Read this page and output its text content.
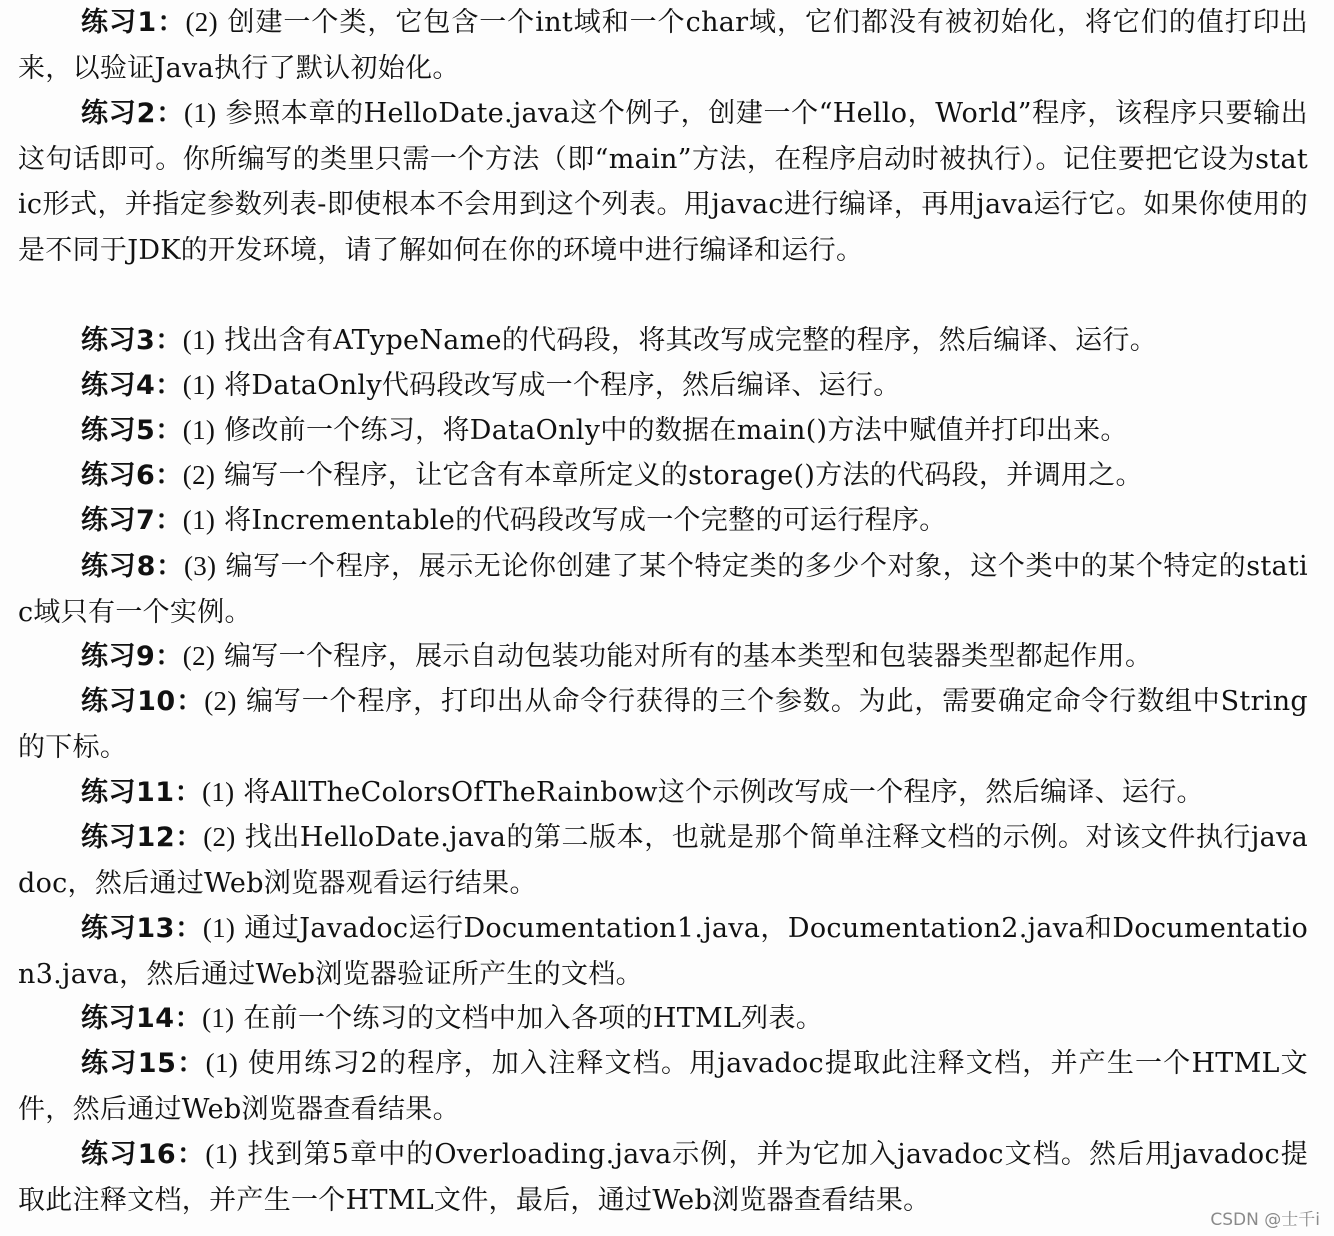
练习1：(2) 创建一个类，它包含一个int域和一个char域，它们都没有被初始化，将它们的值打印出来，以验证Java执行了默认初始化。
练习2：(1) 参照本章的HelloDate.java这个例子，创建一个“Hello，World”程序，该程序只要输出这句话即可。你所编写的类里只需一个方法（即“main”方法，在程序启动时被执行）。记住要把它设为static形式，并指定参数列表-即使根本不会用到这个列表。用javac进行编译，再用java运行它。如果你使用的是不同于JDK的开发环境，请了解如何在你的环境中进行编译和运行。
练习3：(1) 找出含有ATypeName的代码段，将其改写成完整的程序，然后编译、运行。
练习4：(1) 将DataOnly代码段改写成一个程序，然后编译、运行。
练习5：(1) 修改前一个练习，将DataOnly中的数据在main()方法中赋值并打印出来。
练习6：(2) 编写一个程序，让它含有本章所定义的storage()方法的代码段，并调用之。
练习7：(1) 将Incrementable的代码段改写成一个完整的可运行程序。
练习8：(3) 编写一个程序，展示无论你创建了某个特定类的多少个对象，这个类中的某个特定的static域只有一个实例。
练习9：(2) 编写一个程序，展示自动包装功能对所有的基本类型和包装器类型都起作用。
练习10：(2) 编写一个程序，打印出从命令行获得的三个参数。为此，需要确定命令行数组中String的下标。
练习11：(1) 将AllTheColorsOfTheRainbow这个示例改写成一个程序，然后编译、运行。
练习12：(2) 找出HelloDate.java的第二版本，也就是那个简单注释文档的示例。对该文件执行javadoc，然后通过Web浏览器观看运行结果。
练习13：(1) 通过Javadoc运行Documentation1.java，Documentation2.java和Documentation3.java，然后通过Web浏览器验证所产生的文档。
练习14：(1) 在前一个练习的文档中加入各项的HTML列表。
练习15：(1) 使用练习2的程序，加入注释文档。用javadoc提取此注释文档，并产生一个HTML文件，然后通过Web浏览器查看结果。
练习16：(1) 找到第5章中的Overloading.java示例，并为它加入javadoc文档。然后用javadoc提取此注释文档，并产生一个HTML文件，最后，通过Web浏览器查看结果。
CSDN @士千i
